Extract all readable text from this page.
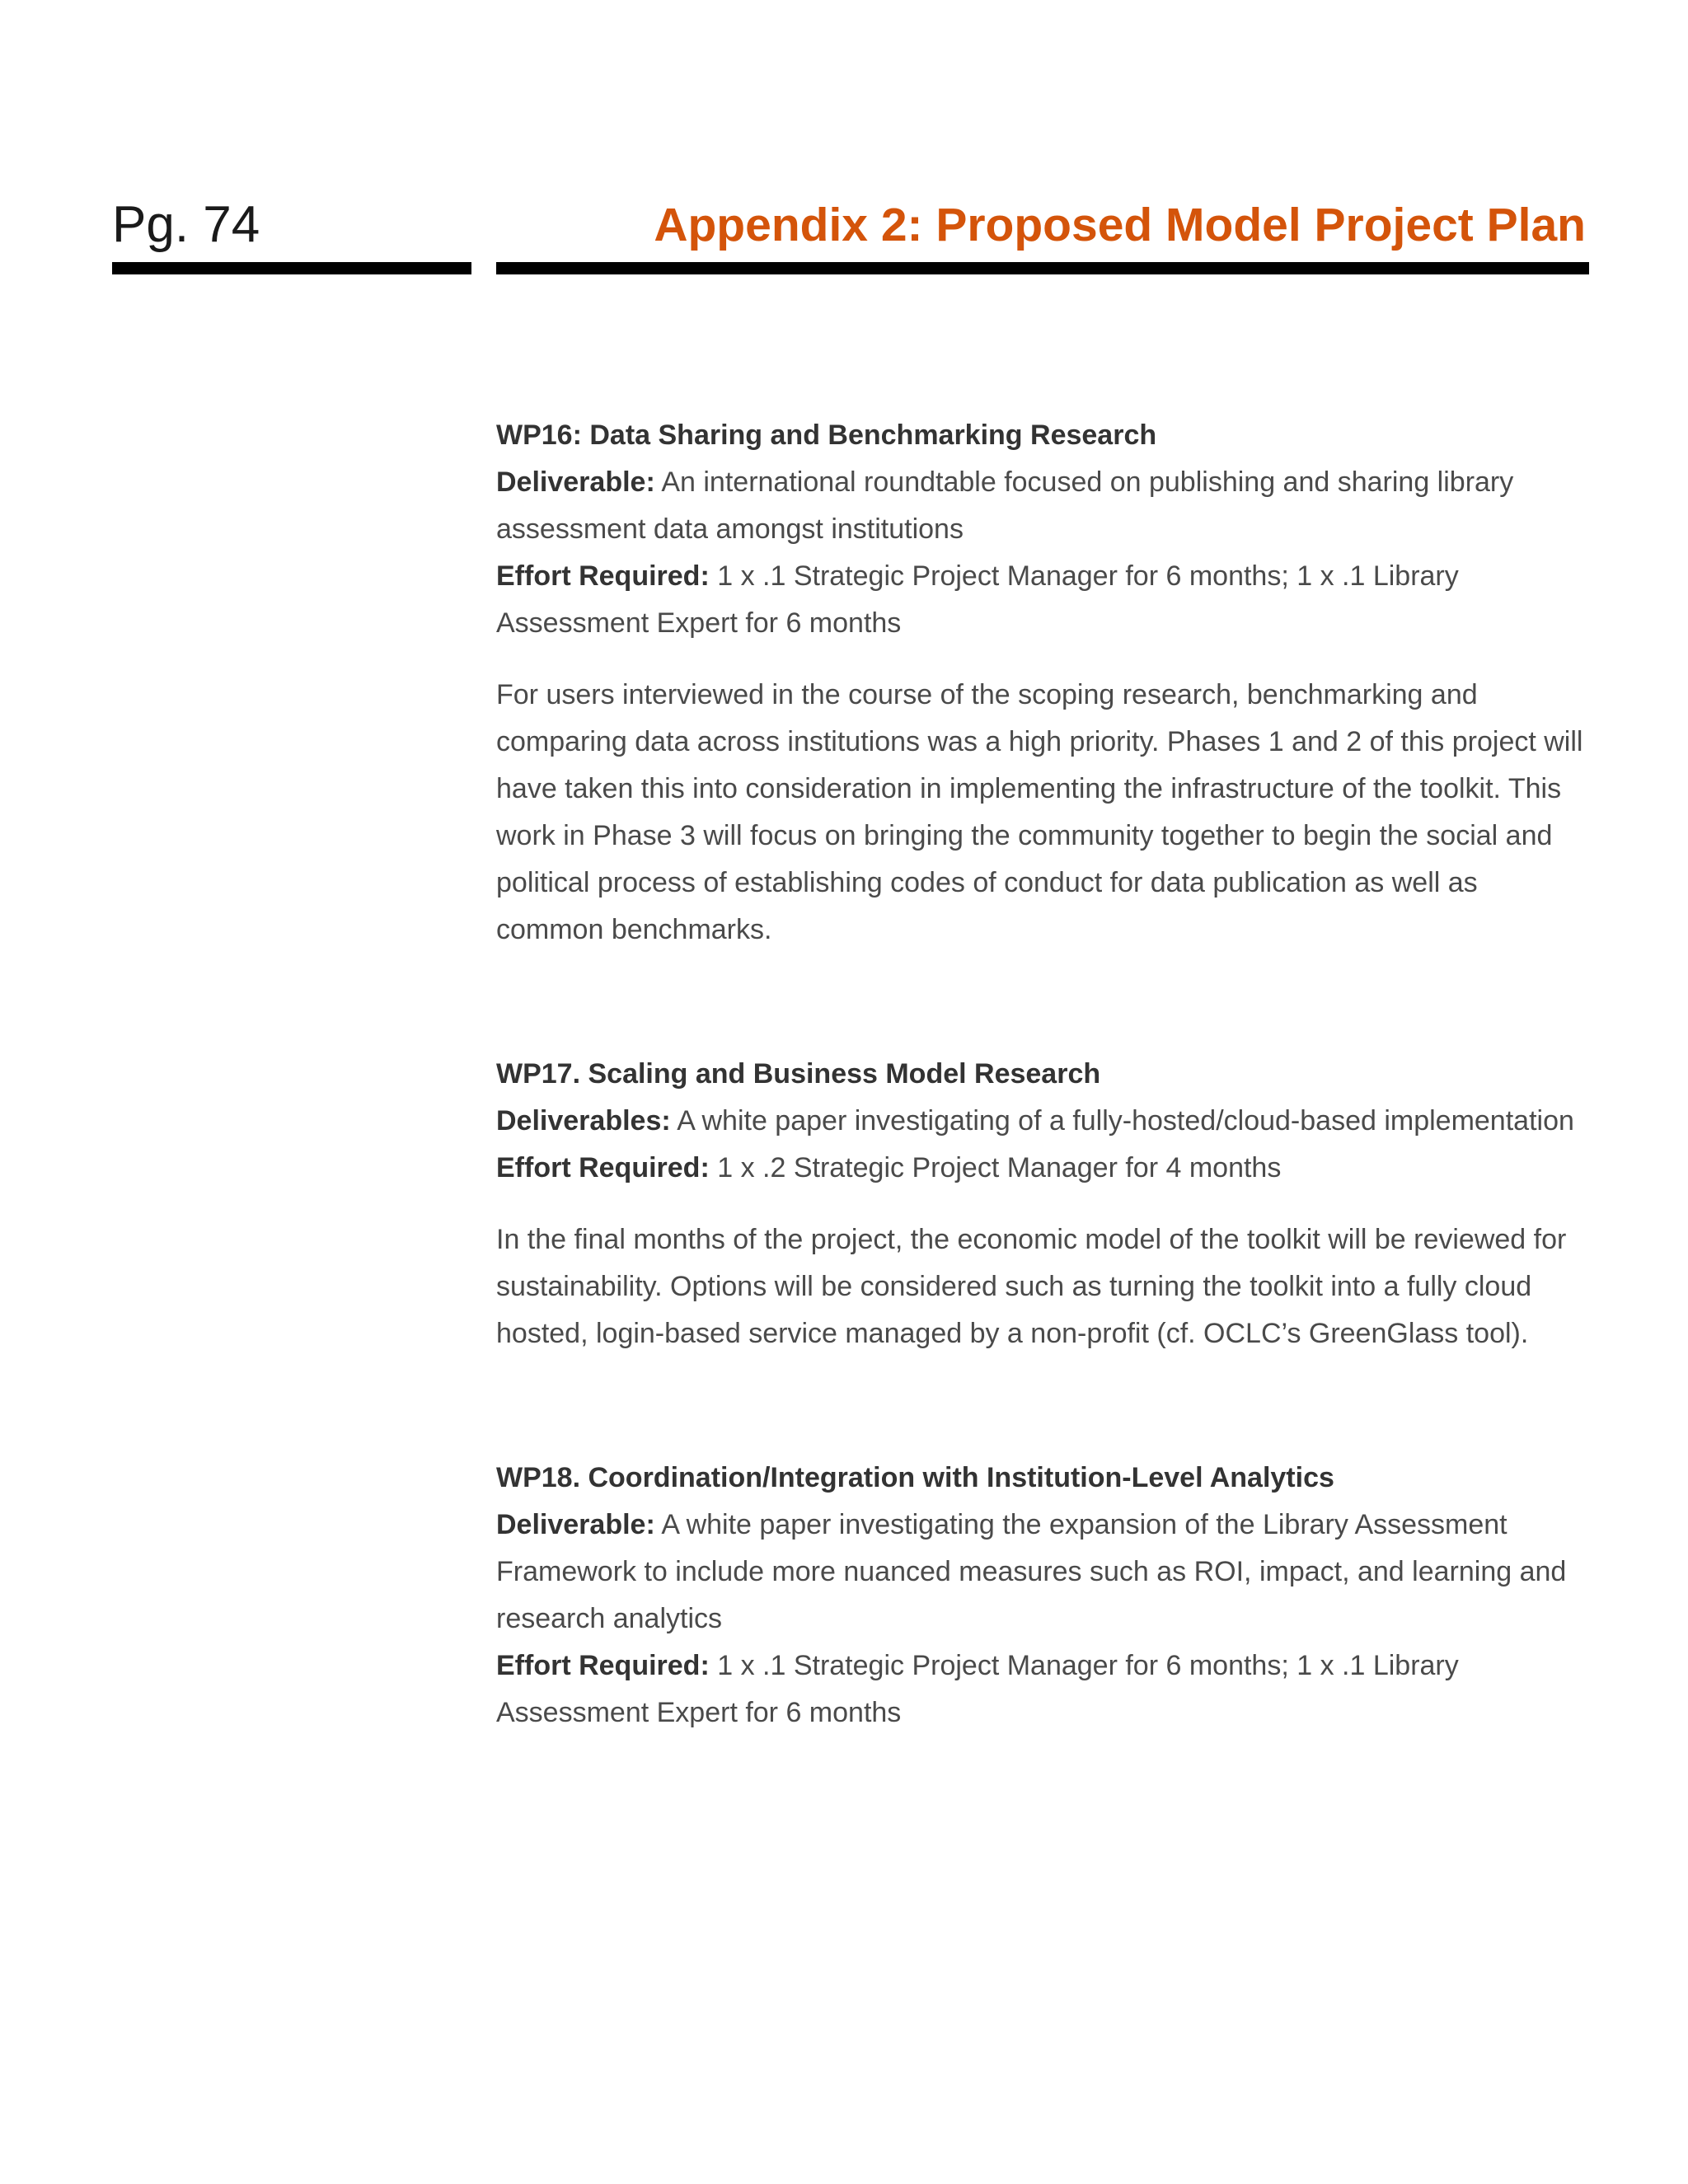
Pg. 74	Appendix 2: Proposed Model Project Plan

WP16: Data Sharing and Benchmarking Research

Deliverable: An international roundtable focused on publishing and sharing library assessment data amongst institutions

Effort Required: 1 x .1 Strategic Project Manager for 6 months; 1 x .1 Library Assessment Expert for 6 months

For users interviewed in the course of the scoping research, benchmarking and comparing data across institutions was a high priority. Phases 1 and 2 of this project will have taken this into consideration in implementing the infrastructure of the toolkit. This work in Phase 3 will focus on bringing the community together to begin the social and political process of establishing codes of conduct for data publication as well as common benchmarks.

WP17. Scaling and Business Model Research

Deliverables: A white paper investigating of a fully-hosted/cloud-based implementation

Effort Required: 1 x .2 Strategic Project Manager for 4 months

In the final months of the project, the economic model of the toolkit will be reviewed for sustainability. Options will be considered such as turning the toolkit into a fully cloud hosted, login-based service managed by a non-profit (cf. OCLC’s GreenGlass tool).

WP18. Coordination/Integration with Institution-Level Analytics

Deliverable: A white paper investigating the expansion of the Library Assessment Framework to include more nuanced measures such as ROI, impact, and learning and research analytics

Effort Required: 1 x .1 Strategic Project Manager for 6 months; 1 x .1 Library Assessment Expert for 6 months
